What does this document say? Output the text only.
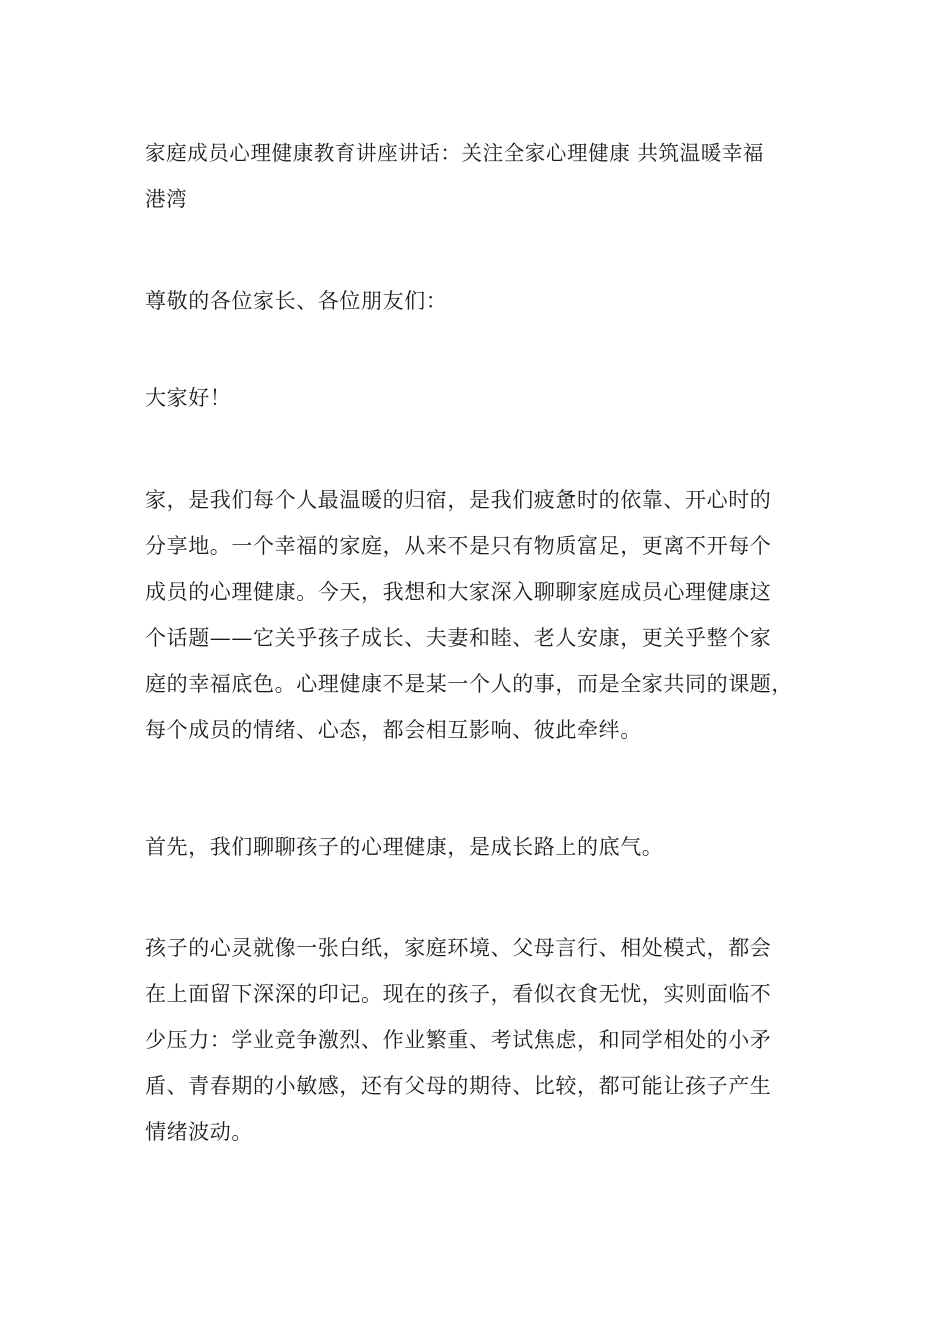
家庭成员心理健康教育讲座讲话：关注全家心理健康 共筑温暖幸福
港湾

尊敬的各位家长、各位朋友们：

大家好！

家，是我们每个人最温暖的归宿，是我们疲惫时的依靠、开心时的
分享地。一个幸福的家庭，从来不是只有物质富足，更离不开每个
成员的心理健康。今天，我想和大家深入聊聊家庭成员心理健康这
个话题——它关乎孩子成长、夫妻和睦、老人安康，更关乎整个家
庭的幸福底色。心理健康不是某一个人的事，而是全家共同的课题，
每个成员的情绪、心态，都会相互影响、彼此牵绊。

首先，我们聊聊孩子的心理健康，是成长路上的底气。

孩子的心灵就像一张白纸，家庭环境、父母言行、相处模式，都会
在上面留下深深的印记。现在的孩子，看似衣食无忧，实则面临不
少压力：学业竞争激烈、作业繁重、考试焦虑，和同学相处的小矛
盾、青春期的小敏感，还有父母的期待、比较，都可能让孩子产生
情绪波动。
